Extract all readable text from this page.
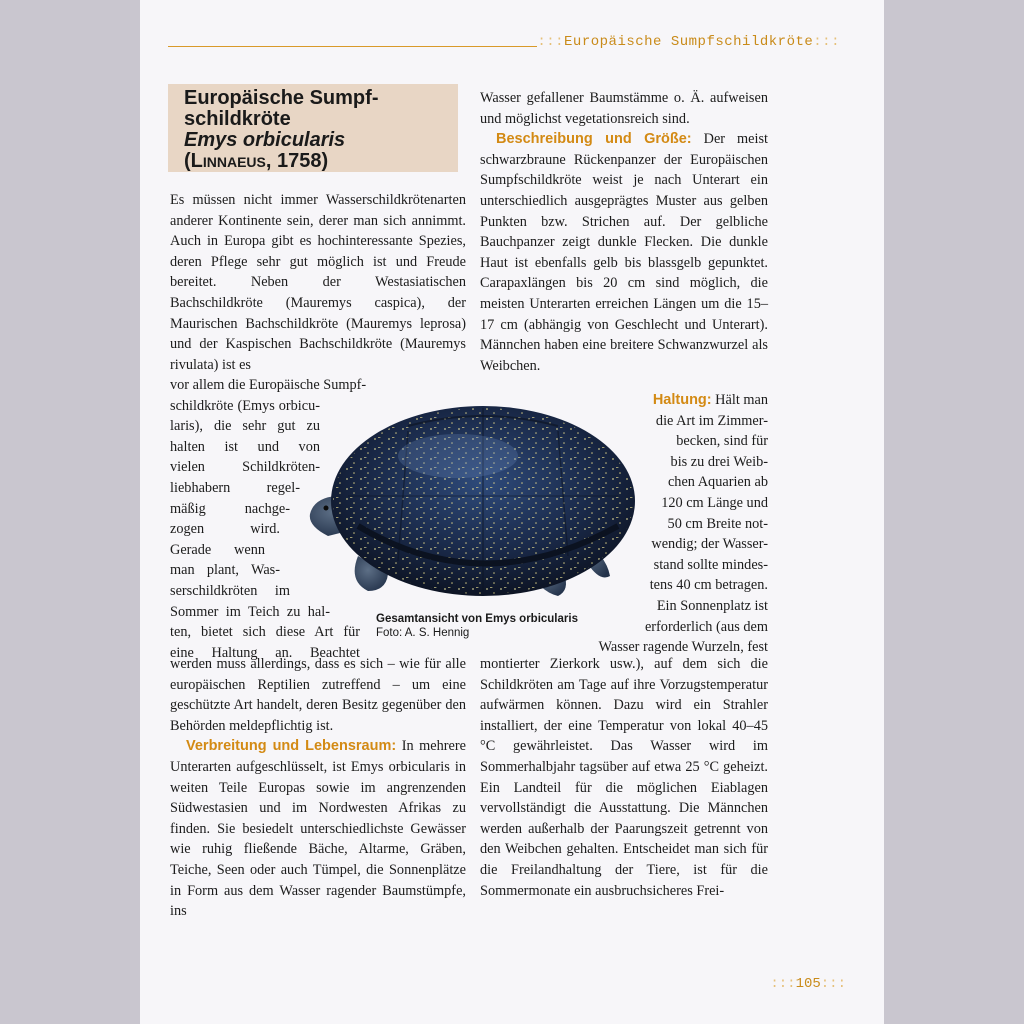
::: Europäische Sumpfschildkröte :::
Europäische Sumpf-
schildkröte
Emys orbicularis
(Linnaeus, 1758)

Es müssen nicht immer Wasserschildkrötenarten anderer Kontinente sein, derer man sich annimmt. Auch in Europa gibt es hochinteressante Spezies, deren Pflege sehr gut möglich ist und Freude bereitet. Neben der Westasiatischen Bachschildkröte (Mauremys caspica), der Maurischen Bachschildkröte (Mauremys leprosa) und der Kaspischen Bachschildkröte (Mauremys rivulata) ist es

vor allem die Europäische Sumpf-
schildkröte (Emys orbicu-
laris), die sehr gut zu
halten ist und von
vielen Schildkröten-
liebhabern regel-
mäßig nachge-
zogen wird.
Gerade wenn
man plant, Was-
serschildkröten im
Sommer im Teich zu hal-
ten, bietet sich diese Art für
eine Haltung an. Beachtet

werden muss allerdings, dass es sich – wie für alle europäischen Reptilien zutreffend – um eine geschützte Art handelt, deren Besitz gegenüber den Behörden meldepflichtig ist.

Verbreitung und Lebensraum: In mehrere Unterarten aufgeschlüsselt, ist Emys orbicularis in weiten Teile Europas sowie im angrenzenden Südwestasien und im Nordwesten Afrikas zu finden. Sie besiedelt unterschiedlichste Gewässer wie ruhig fließende Bäche, Altarme, Gräben, Teiche, Seen oder auch Tümpel, die Sonnenplätze in Form aus dem Wasser ragender Baumstümpfe, ins

Wasser gefallener Baumstämme o. Ä. aufweisen und möglichst vegetationsreich sind.

Beschreibung und Größe: Der meist schwarzbraune Rückenpanzer der Europäischen Sumpfschildkröte weist je nach Unterart ein unterschiedlich ausgeprägtes Muster aus gelben Punkten bzw. Strichen auf. Der gelbliche Bauchpanzer zeigt dunkle Flecken. Die dunkle Haut ist ebenfalls gelb bis blassgelb gepunktet. Carapaxlängen bis 20 cm sind möglich, die meisten Unterarten erreichen Längen um die 15–17 cm (abhängig von Geschlecht und Unterart). Männchen haben eine breitere Schwanzwurzel als Weibchen.

Haltung: Hält man
die Art im Zimmer-
becken, sind für
bis zu drei Weib-
chen Aquarien ab
120 cm Länge und
50 cm Breite not-
wendig; der Wasser-
stand sollte mindes-
tens 40 cm betragen.
Ein Sonnenplatz ist
erforderlich (aus dem
Wasser ragende Wurzeln, fest

montierter Zierkork usw.), auf dem sich die Schildkröten am Tage auf ihre Vorzugstemperatur aufwärmen können. Dazu wird ein Strahler installiert, der eine Temperatur von lokal 40–45 °C gewährleistet. Das Wasser wird im Sommerhalbjahr tagsüber auf etwa 25 °C geheizt. Ein Landteil für die möglichen Eiablagen vervollständigt die Ausstattung. Die Männchen werden außerhalb der Paarungszeit getrennt von den Weibchen gehalten. Entscheidet man sich für die Freilandhaltung der Tiere, ist für die Sommermonate ein ausbruchsicheres Frei-

Gesamtansicht von Emys orbicularis Foto: A. S. Hennig
:::105:::
